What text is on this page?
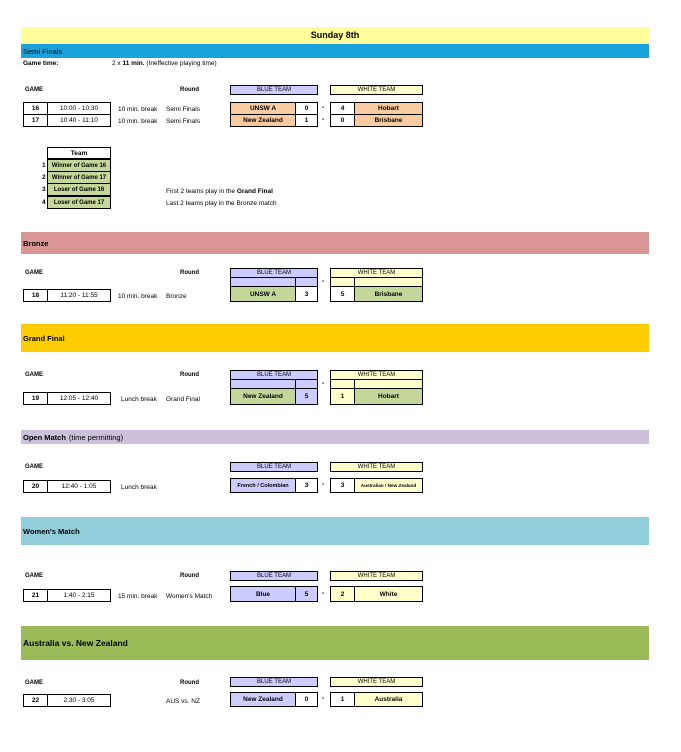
Sunday 8th
Semi Finals
Game time:	2 x 11 min. (Ineffective playing time)
GAME	Round	BLUE TEAM	WHITE TEAM
16	10:00 - 10:30	10 min. break Semi Finals	UNSW A	0	-	4	Hobart
17	10:40 - 11:10	10 min. break Semi Finals	New Zealand	1	-	0	Brisbane
Team
1	Winner of Game 16
2	Winner of Game 17
3	Loser of Game 16
4	Loser of Game 17
First 2 teams play in the Grand Final
Last 2 teams play in the Bronze match
Bronze
GAME	Round	BLUE TEAM	WHITE TEAM
-
18	11:20 - 11:55	10 min. break Bronze	UNSW A	3	5	Brisbane
Grand Final
GAME	Round	BLUE TEAM	WHITE TEAM
-
19	12:05 - 12:40	Lunch break Grand Final	New Zealand	5	1	Hobart
Open Match (time permitting)
GAME	BLUE TEAM	WHITE TEAM
20	12:40 - 1:05	Lunch break	French / Colombian	3	-	3	Australian / New Zealand
Women's Match
GAME	Round	BLUE TEAM	WHITE TEAM
21	1:40 - 2:15	15 min. break Women's Match	Blue	5	-	2	White
Australia vs. New Zealand
GAME	Round	BLUE TEAM	WHITE TEAM
22	2:30 - 3:05	AUS vs. NZ	New Zealand	0	-	1	Australia
